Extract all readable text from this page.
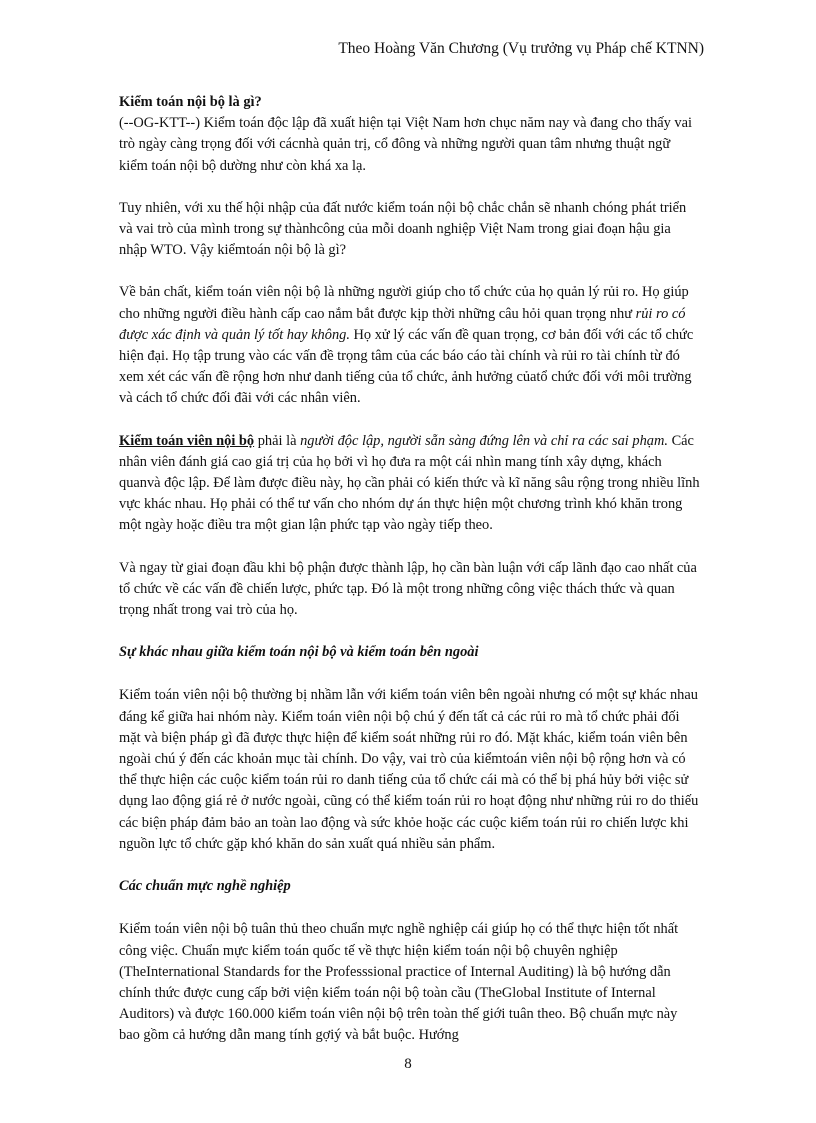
Theo Hoàng Văn Chương (Vụ trưởng vụ Pháp chế KTNN)

Kiểm toán nội bộ là gì?

(--OG-KTT--) Kiểm toán độc lập đã xuất hiện tại Việt Nam hơn chục năm nay và đang cho thấy vai trò ngày càng trọng đối với cácnhà quản trị, cổ đông và những người quan tâm nhưng thuật ngữ kiểm toán nội bộ dường như còn khá xa lạ.

Tuy nhiên, với xu thế hội nhập của đất nước kiểm toán nội bộ chắc chắn sẽ nhanh chóng phát triển và vai trò của mình trong sự thànhcông của mỗi doanh nghiệp Việt Nam trong giai đoạn hậu gia nhập WTO. Vậy kiểmtoán nội bộ là gì?

Về bản chất, kiểm toán viên nội bộ là những người giúp cho tổ chức của họ quản lý rủi ro. Họ giúp cho những người điều hành cấp cao nắm bắt được kịp thời những câu hỏi quan trọng như rủi ro có được xác định và quản lý tốt hay không. Họ xử lý các vấn đề quan trọng, cơ bản đối với các tổ chức hiện đại. Họ tập trung vào các vấn đề trọng tâm của các báo cáo tài chính và rủi ro tài chính từ đó xem xét các vấn đề rộng hơn như danh tiếng của tổ chức, ảnh hưởng củatổ chức đối với môi trường và cách tổ chức đối đãi với các nhân viên.

Kiểm toán viên nội bộ phải là người độc lập, người sẵn sàng đứng lên và chỉ ra các sai phạm. Các nhân viên đánh giá cao giá trị của họ bởi vì họ đưa ra một cái nhìn mang tính xây dựng, khách quanvà độc lập. Để làm được điều này, họ cần phải có kiến thức và kĩ năng sâu rộng trong nhiều lĩnh vực khác nhau. Họ phải có thể tư vấn cho nhóm dự án thực hiện một chương trình khó khăn trong một ngày hoặc điều tra một gian lận phức tạp vào ngày tiếp theo.

Và ngay từ giai đoạn đầu khi bộ phận được thành lập, họ cần bàn luận với cấp lãnh đạo cao nhất của tổ chức về các vấn đề chiến lược, phức tạp. Đó là một trong những công việc thách thức và quan trọng nhất trong vai trò của họ.

Sự khác nhau giữa kiểm toán nội bộ và kiểm toán bên ngoài

Kiểm toán viên nội bộ thường bị nhầm lẫn với kiểm toán viên bên ngoài nhưng có một sự khác nhau đáng kể giữa hai nhóm này. Kiểm toán viên nội bộ chú ý đến tất cả các rủi ro mà tổ chức phải đối mặt và biện pháp gì đã được thực hiện để kiểm soát những rủi ro đó. Mặt khác, kiểm toán viên bên ngoài chú ý đến các khoản mục tài chính. Do vậy, vai trò của kiểmtoán viên nội bộ rộng hơn và có thể thực hiện các cuộc kiểm toán rủi ro danh tiếng của tổ chức cái mà có thể bị phá hủy bởi việc sử dụng lao động giá rẻ ở nước ngoài, cũng có thể kiểm toán rủi ro hoạt động như những rủi ro do thiếu các biện pháp đảm bảo an toàn lao động và sức khỏe hoặc các cuộc kiểm toán rủi ro chiến lược khi nguồn lực tổ chức gặp khó khăn do sản xuất quá nhiều sản phẩm.

Các chuẩn mực nghề nghiệp

Kiểm toán viên nội bộ tuân thủ theo chuẩn mực nghề nghiệp cái giúp họ có thể thực hiện tốt nhất công việc. Chuẩn mực kiểm toán quốc tế về thực hiện kiểm toán nội bộ chuyên nghiệp (TheInternational Standards for the Professsional practice of Internal Auditing) là bộ hướng dẫn chính thức được cung cấp bởi viện kiểm toán nội bộ toàn cầu (TheGlobal Institute of Internal Auditors) và được 160.000 kiểm toán viên nội bộ trên toàn thế giới tuân theo. Bộ chuẩn mực này bao gồm cả hướng dẫn mang tính gợiý và bắt buộc. Hướng

8
